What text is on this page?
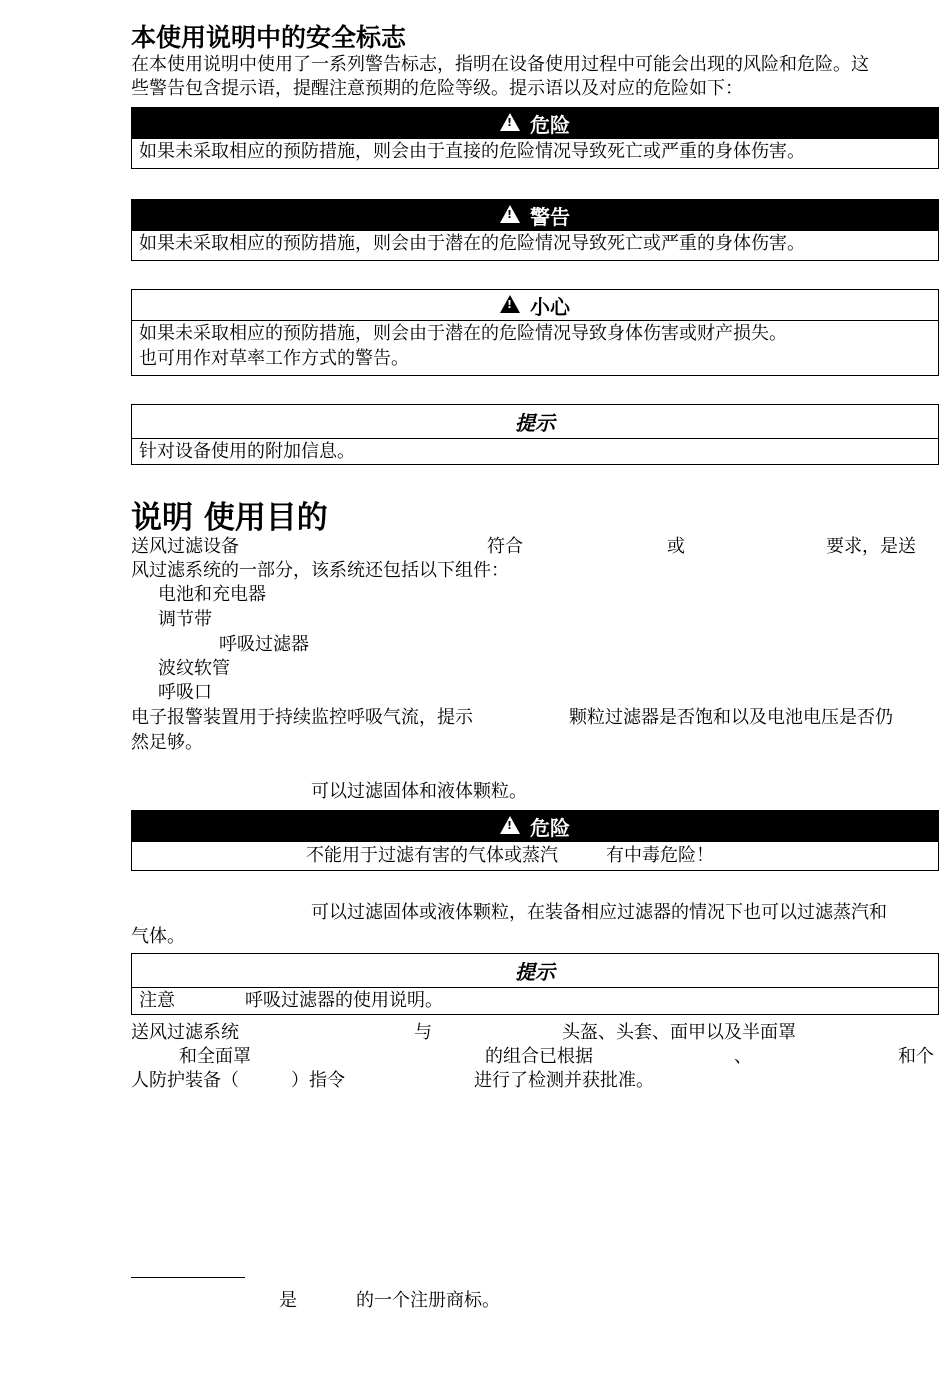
本使用说明中的安全标志
在本使用说明中使用了一系列警告标志，指明在设备使用过程中可能会出现的风险和危险。这
些警告包含提示语，提醒注意预期的危险等级。提示语以及对应的危险如下：
!
危险
如果未采取相应的预防措施，则会由于直接的危险情况导致死亡或严重的身体伤害。
!
警告
如果未采取相应的预防措施，则会由于潜在的危险情况导致死亡或严重的身体伤害。
!
小心
如果未采取相应的预防措施，则会由于潜在的危险情况导致身体伤害或财产损失。
也可用作对草率工作方式的警告。
提示
针对设备使用的附加信息。
说明 使用目的
送风过滤设备	符合	或	要求，是送
风过滤系统的一部分，该系统还包括以下组件：
电池和充电器
调节带
呼吸过滤器
波纹软管
呼吸口
电子报警装置用于持续监控呼吸气流，提示	颗粒过滤器是否饱和以及电池电压是否仍
然足够。
可以过滤固体和液体颗粒。
!
危险
不能用于过滤有害的气体或蒸汽	有中毒危险！
可以过滤固体或液体颗粒，在装备相应过滤器的情况下也可以过滤蒸汽和
气体。
提示
注意	呼吸过滤器的使用说明。
送风过滤系统	与	头盔、头套、面甲以及半面罩
和全面罩	的组合已根据	、	和个
人防护装备（	）指令	进行了检测并获批准。
是	的一个注册商标。
